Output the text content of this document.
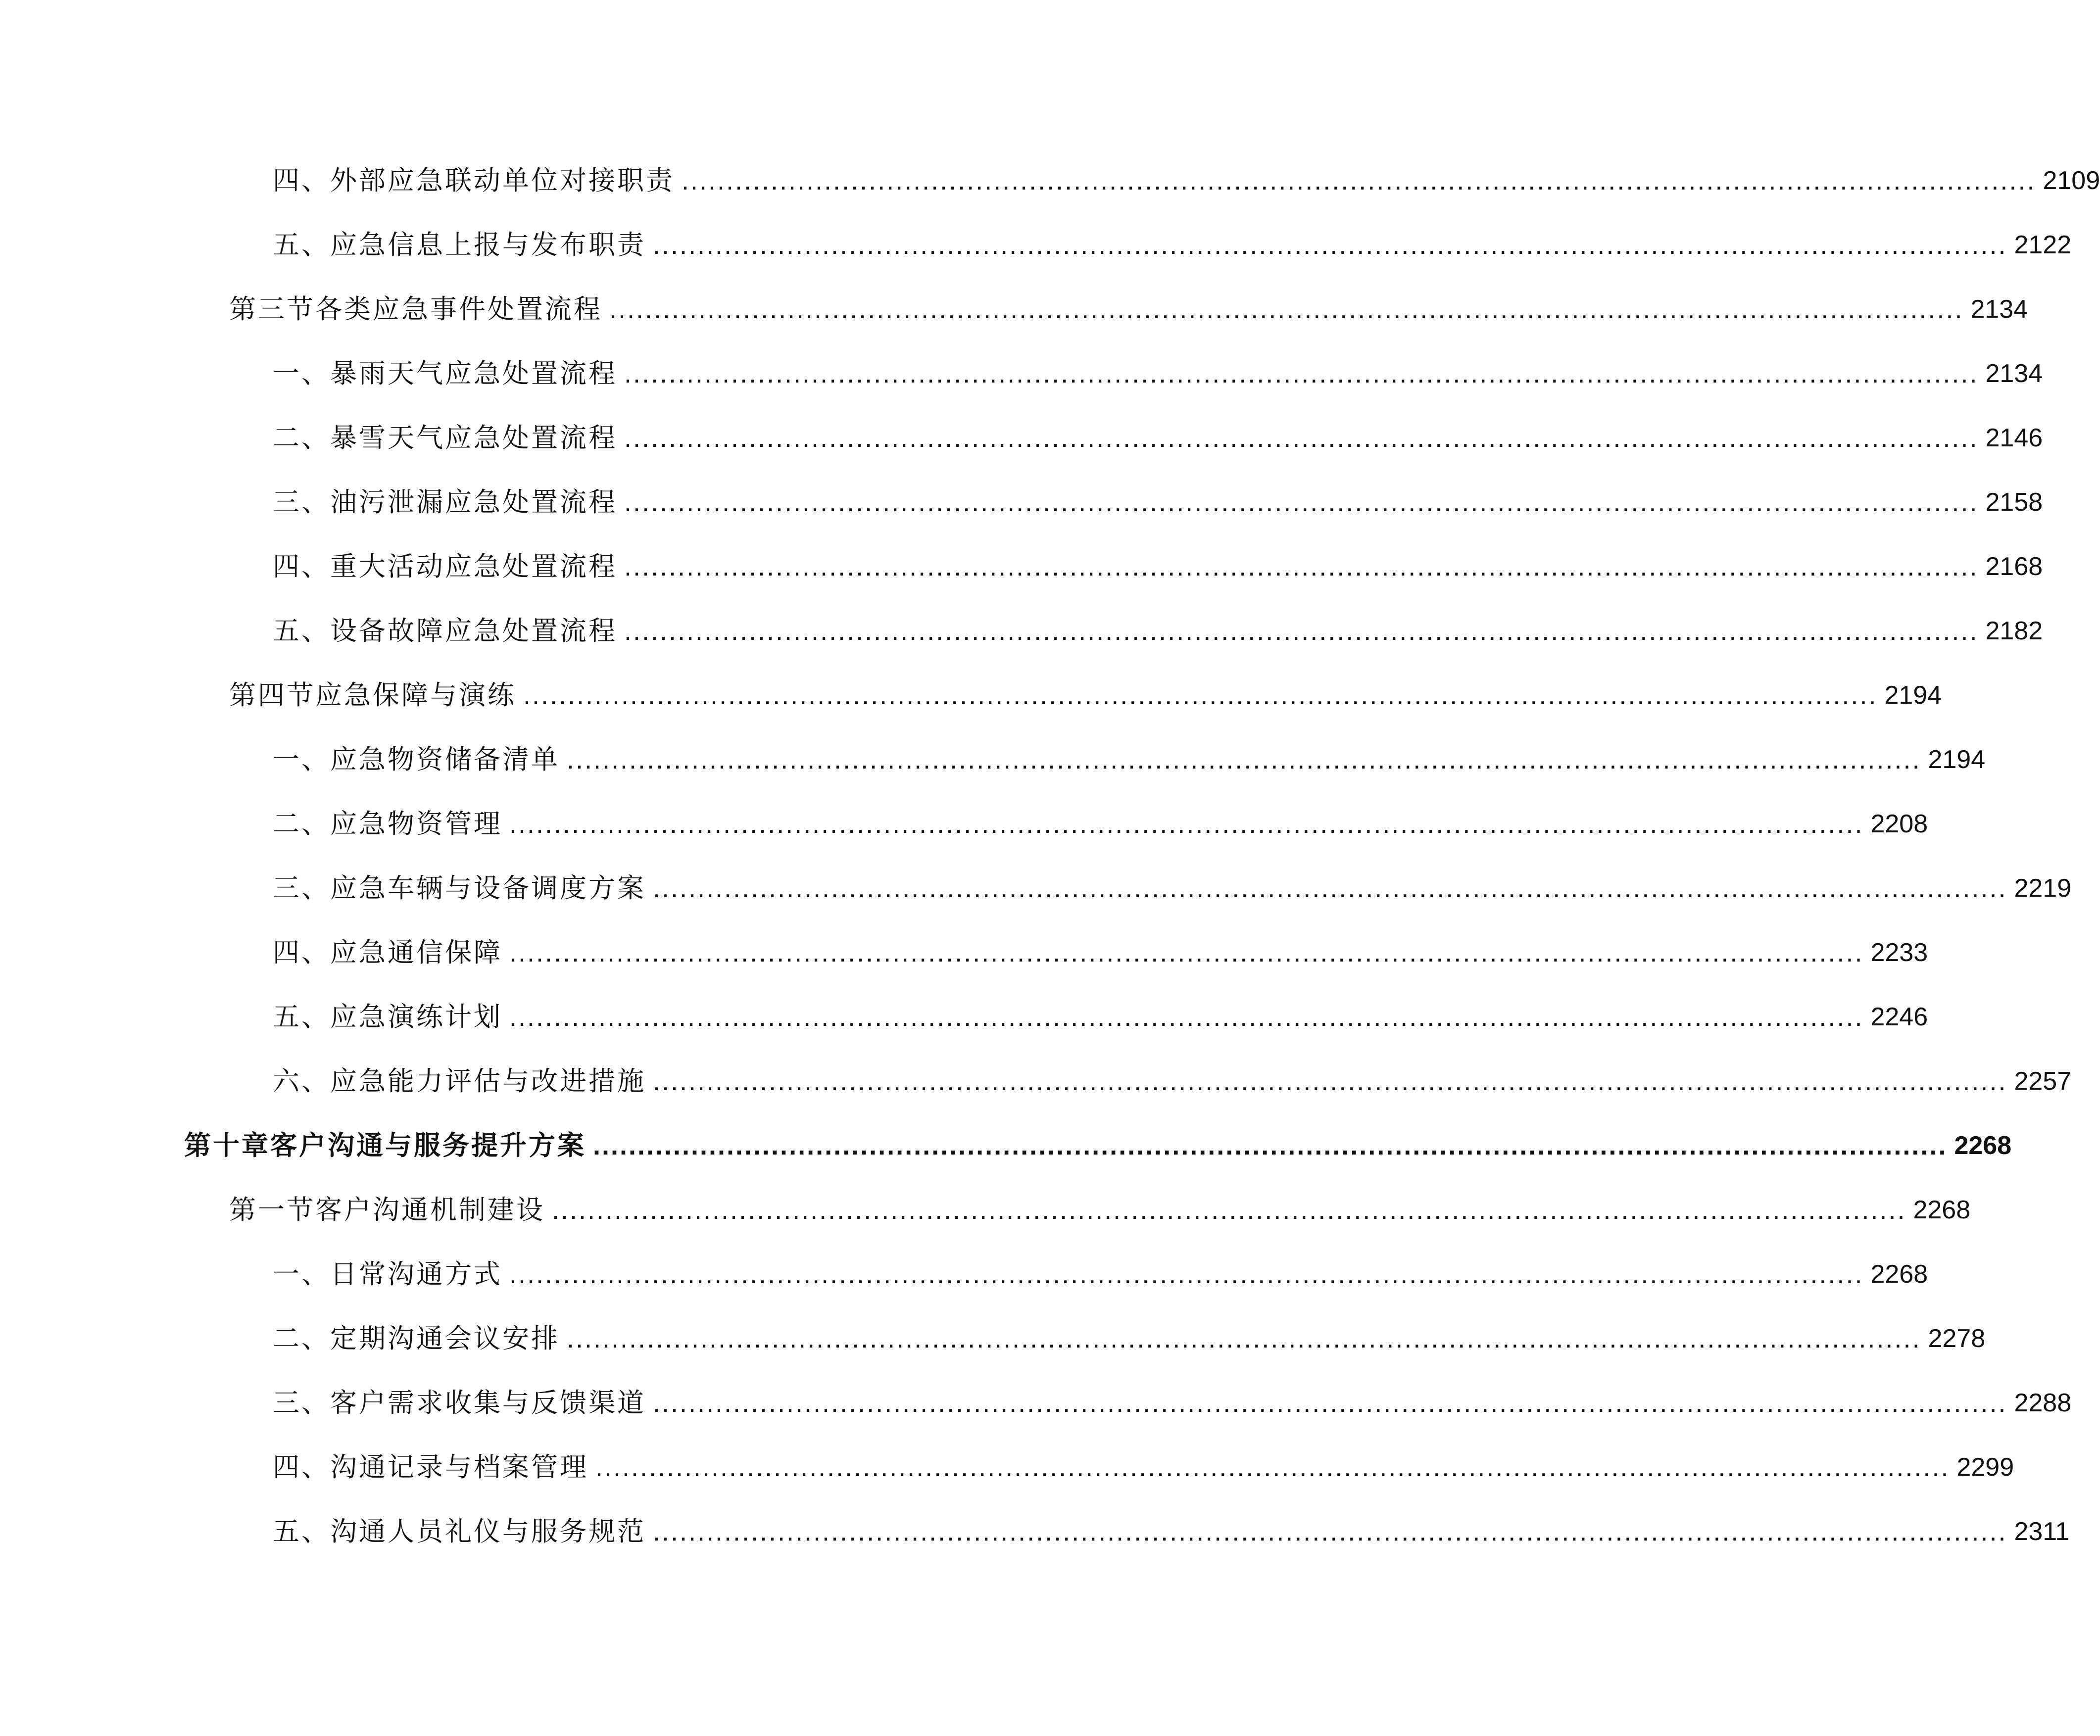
四、外部应急联动单位对接职责 ........................................................................................................................................................ 2109
五、应急信息上报与发布职责 ........................................................................................................................................................ 2122
第三节各类应急事件处置流程 ........................................................................................................................................................ 2134
一、暴雨天气应急处置流程 ........................................................................................................................................................ 2134
二、暴雪天气应急处置流程 ........................................................................................................................................................ 2146
三、油污泄漏应急处置流程 ........................................................................................................................................................ 2158
四、重大活动应急处置流程 ........................................................................................................................................................ 2168
五、设备故障应急处置流程 ........................................................................................................................................................ 2182
第四节应急保障与演练 ........................................................................................................................................................ 2194
一、应急物资储备清单 ........................................................................................................................................................ 2194
二、应急物资管理 ........................................................................................................................................................ 2208
三、应急车辆与设备调度方案 ........................................................................................................................................................ 2219
四、应急通信保障 ........................................................................................................................................................ 2233
五、应急演练计划 ........................................................................................................................................................ 2246
六、应急能力评估与改进措施 ........................................................................................................................................................ 2257
第十章客户沟通与服务提升方案 ........................................................................................................................................................ 2268
第一节客户沟通机制建设 ........................................................................................................................................................ 2268
一、日常沟通方式 ........................................................................................................................................................ 2268
二、定期沟通会议安排 ........................................................................................................................................................ 2278
三、客户需求收集与反馈渠道 ........................................................................................................................................................ 2288
四、沟通记录与档案管理 ........................................................................................................................................................ 2299
五、沟通人员礼仪与服务规范 ........................................................................................................................................................ 2311
